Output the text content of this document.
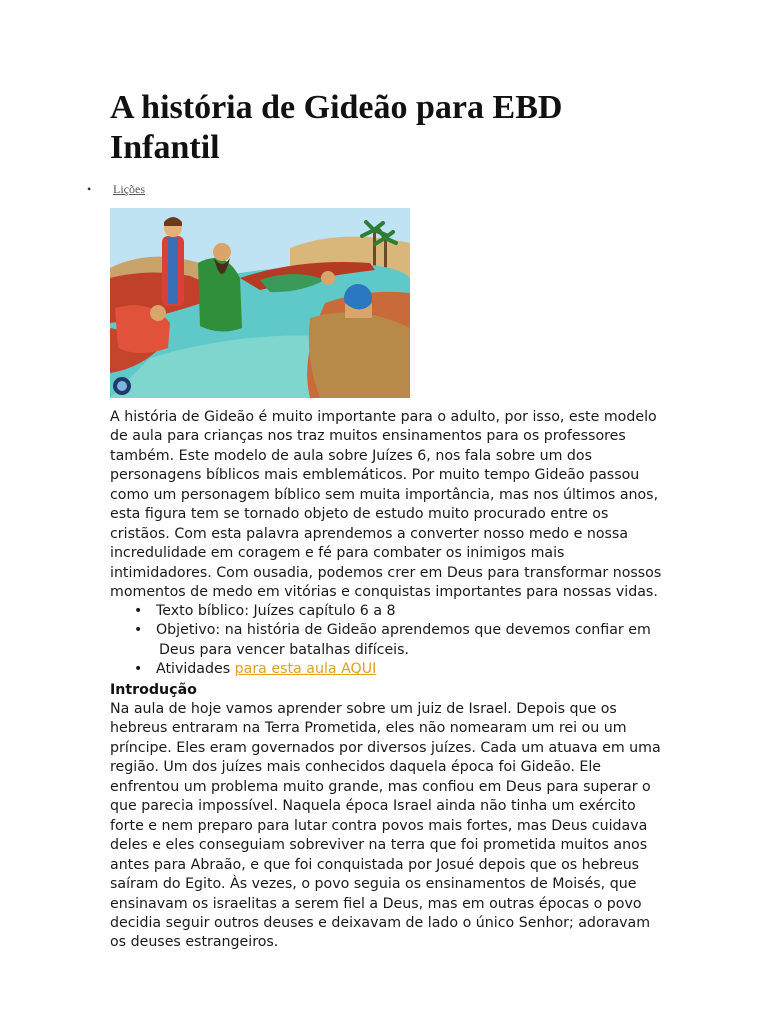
A história de Gideão para EBD Infantil
• Lições

A história de Gideão é muito importante para o adulto, por isso, este modelo de aula para crianças nos traz muitos ensinamentos para os professores também. Este modelo de aula sobre Juízes 6, nos fala sobre um dos personagens bíblicos mais emblemáticos. Por muito tempo Gideão passou como um personagem bíblico sem muita importância, mas nos últimos anos, esta figura tem se tornado objeto de estudo muito procurado entre os cristãos. Com esta palavra aprendemos a converter nosso medo e nossa incredulidade em coragem e fé para combater os inimigos mais intimidadores. Com ousadia, podemos crer em Deus para transformar nossos momentos de medo em vitórias e conquistas importantes para nossas vidas.

• Texto bíblico: Juízes capítulo 6 a 8
• Objetivo: na história de Gideão aprendemos que devemos confiar em
Deus para vencer batalhas difíceis.
• Atividades para esta aula AQUI
Introdução

Na aula de hoje vamos aprender sobre um juiz de Israel. Depois que os hebreus entraram na Terra Prometida, eles não nomearam um rei ou um príncipe. Eles eram governados por diversos juízes. Cada um atuava em uma região. Um dos juízes mais conhecidos daquela época foi Gideão. Ele enfrentou um problema muito grande, mas confiou em Deus para superar o que parecia impossível. Naquela época Israel ainda não tinha um exército forte e nem preparo para lutar contra povos mais fortes, mas Deus cuidava deles e eles conseguiam sobreviver na terra que foi prometida muitos anos antes para Abraão, e que foi conquistada por Josué depois que os hebreus saíram do Egito. Às vezes, o povo seguia os ensinamentos de Moisés, que ensinavam os israelitas a serem fiel a Deus, mas em outras épocas o povo decidia seguir outros deuses e deixavam de lado o único Senhor; adoravam os deuses estrangeiros.
